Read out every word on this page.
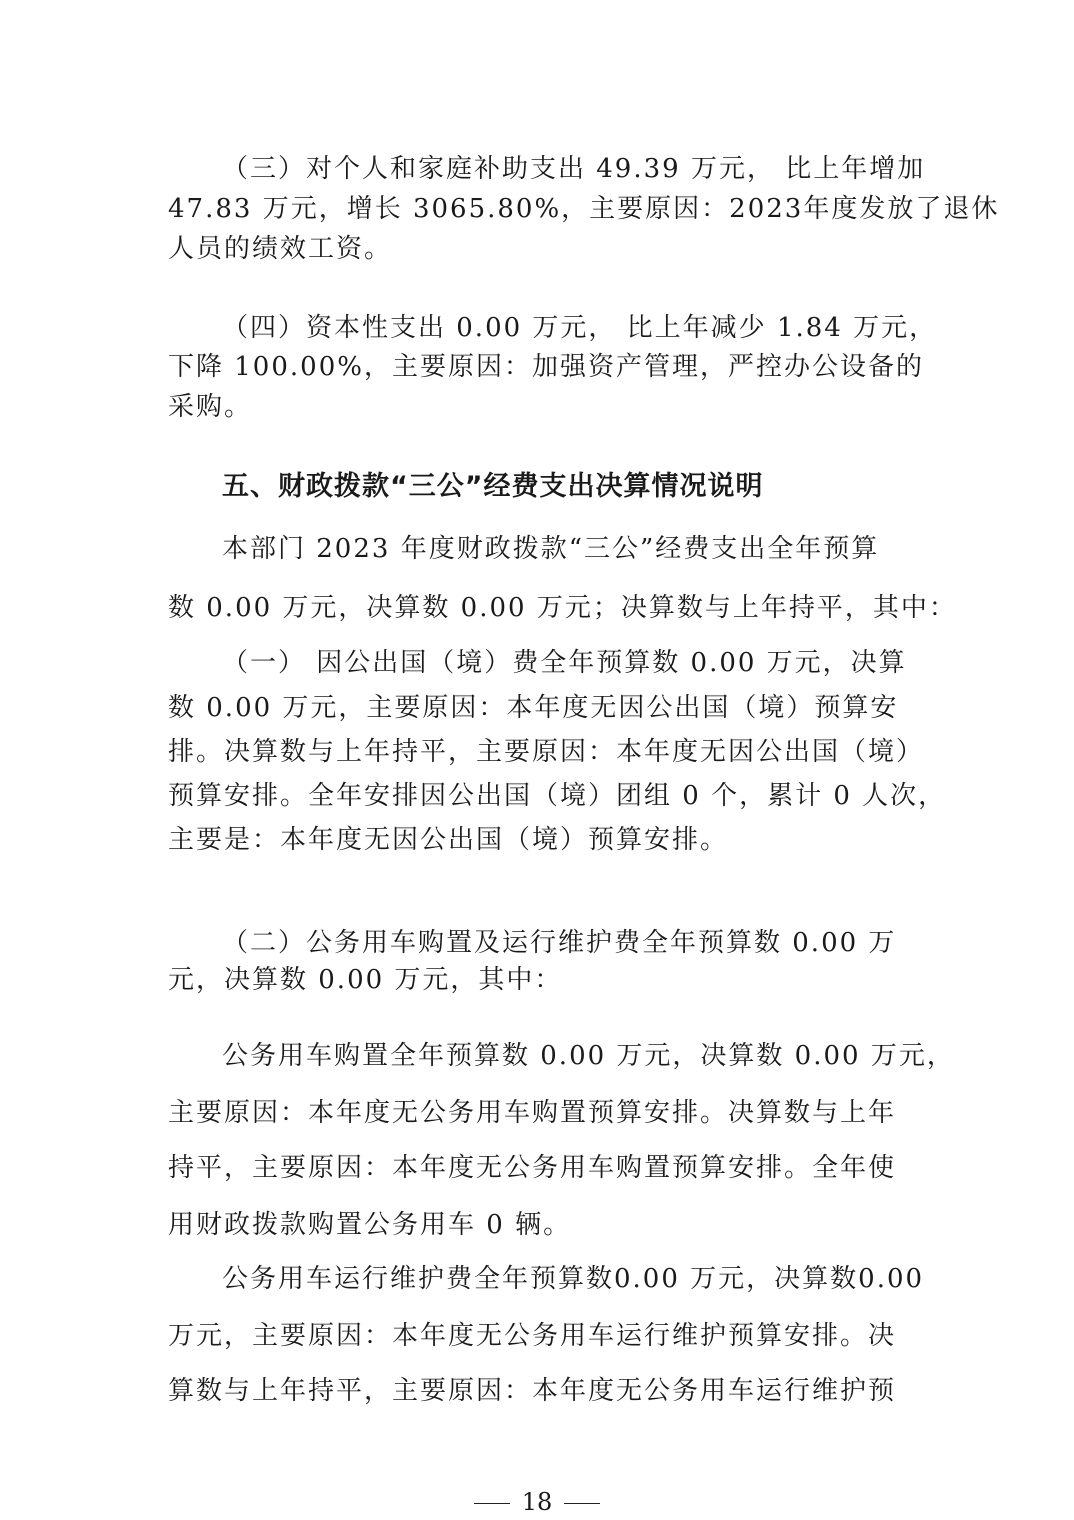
（三）对个人和家庭补助支出 49.39 万元， 比上年增加
47.83 万元，增长 3065.80%，主要原因：2023年度发放了退休
人员的绩效工资。
（四）资本性支出 0.00 万元， 比上年减少 1.84 万元，
下降 100.00%，主要原因：加强资产管理，严控办公设备的
采购。
五、财政拨款“三公”经费支出决算情况说明
本部门 2023 年度财政拨款“三公”经费支出全年预算
数 0.00 万元，决算数 0.00 万元；决算数与上年持平，其中：
（一） 因公出国（境）费全年预算数 0.00 万元，决算
数 0.00 万元，主要原因：本年度无因公出国（境）预算安
排。决算数与上年持平，主要原因：本年度无因公出国（境）
预算安排。全年安排因公出国（境）团组 0 个，累计 0 人次，
主要是：本年度无因公出国（境）预算安排。
（二）公务用车购置及运行维护费全年预算数 0.00 万
元，决算数 0.00 万元，其中：
公务用车购置全年预算数 0.00 万元，决算数 0.00 万元，
主要原因：本年度无公务用车购置预算安排。决算数与上年
持平，主要原因：本年度无公务用车购置预算安排。全年使
用财政拨款购置公务用车 0 辆。
公务用车运行维护费全年预算数0.00 万元，决算数0.00
万元，主要原因：本年度无公务用车运行维护预算安排。决
算数与上年持平，主要原因：本年度无公务用车运行维护预
18
